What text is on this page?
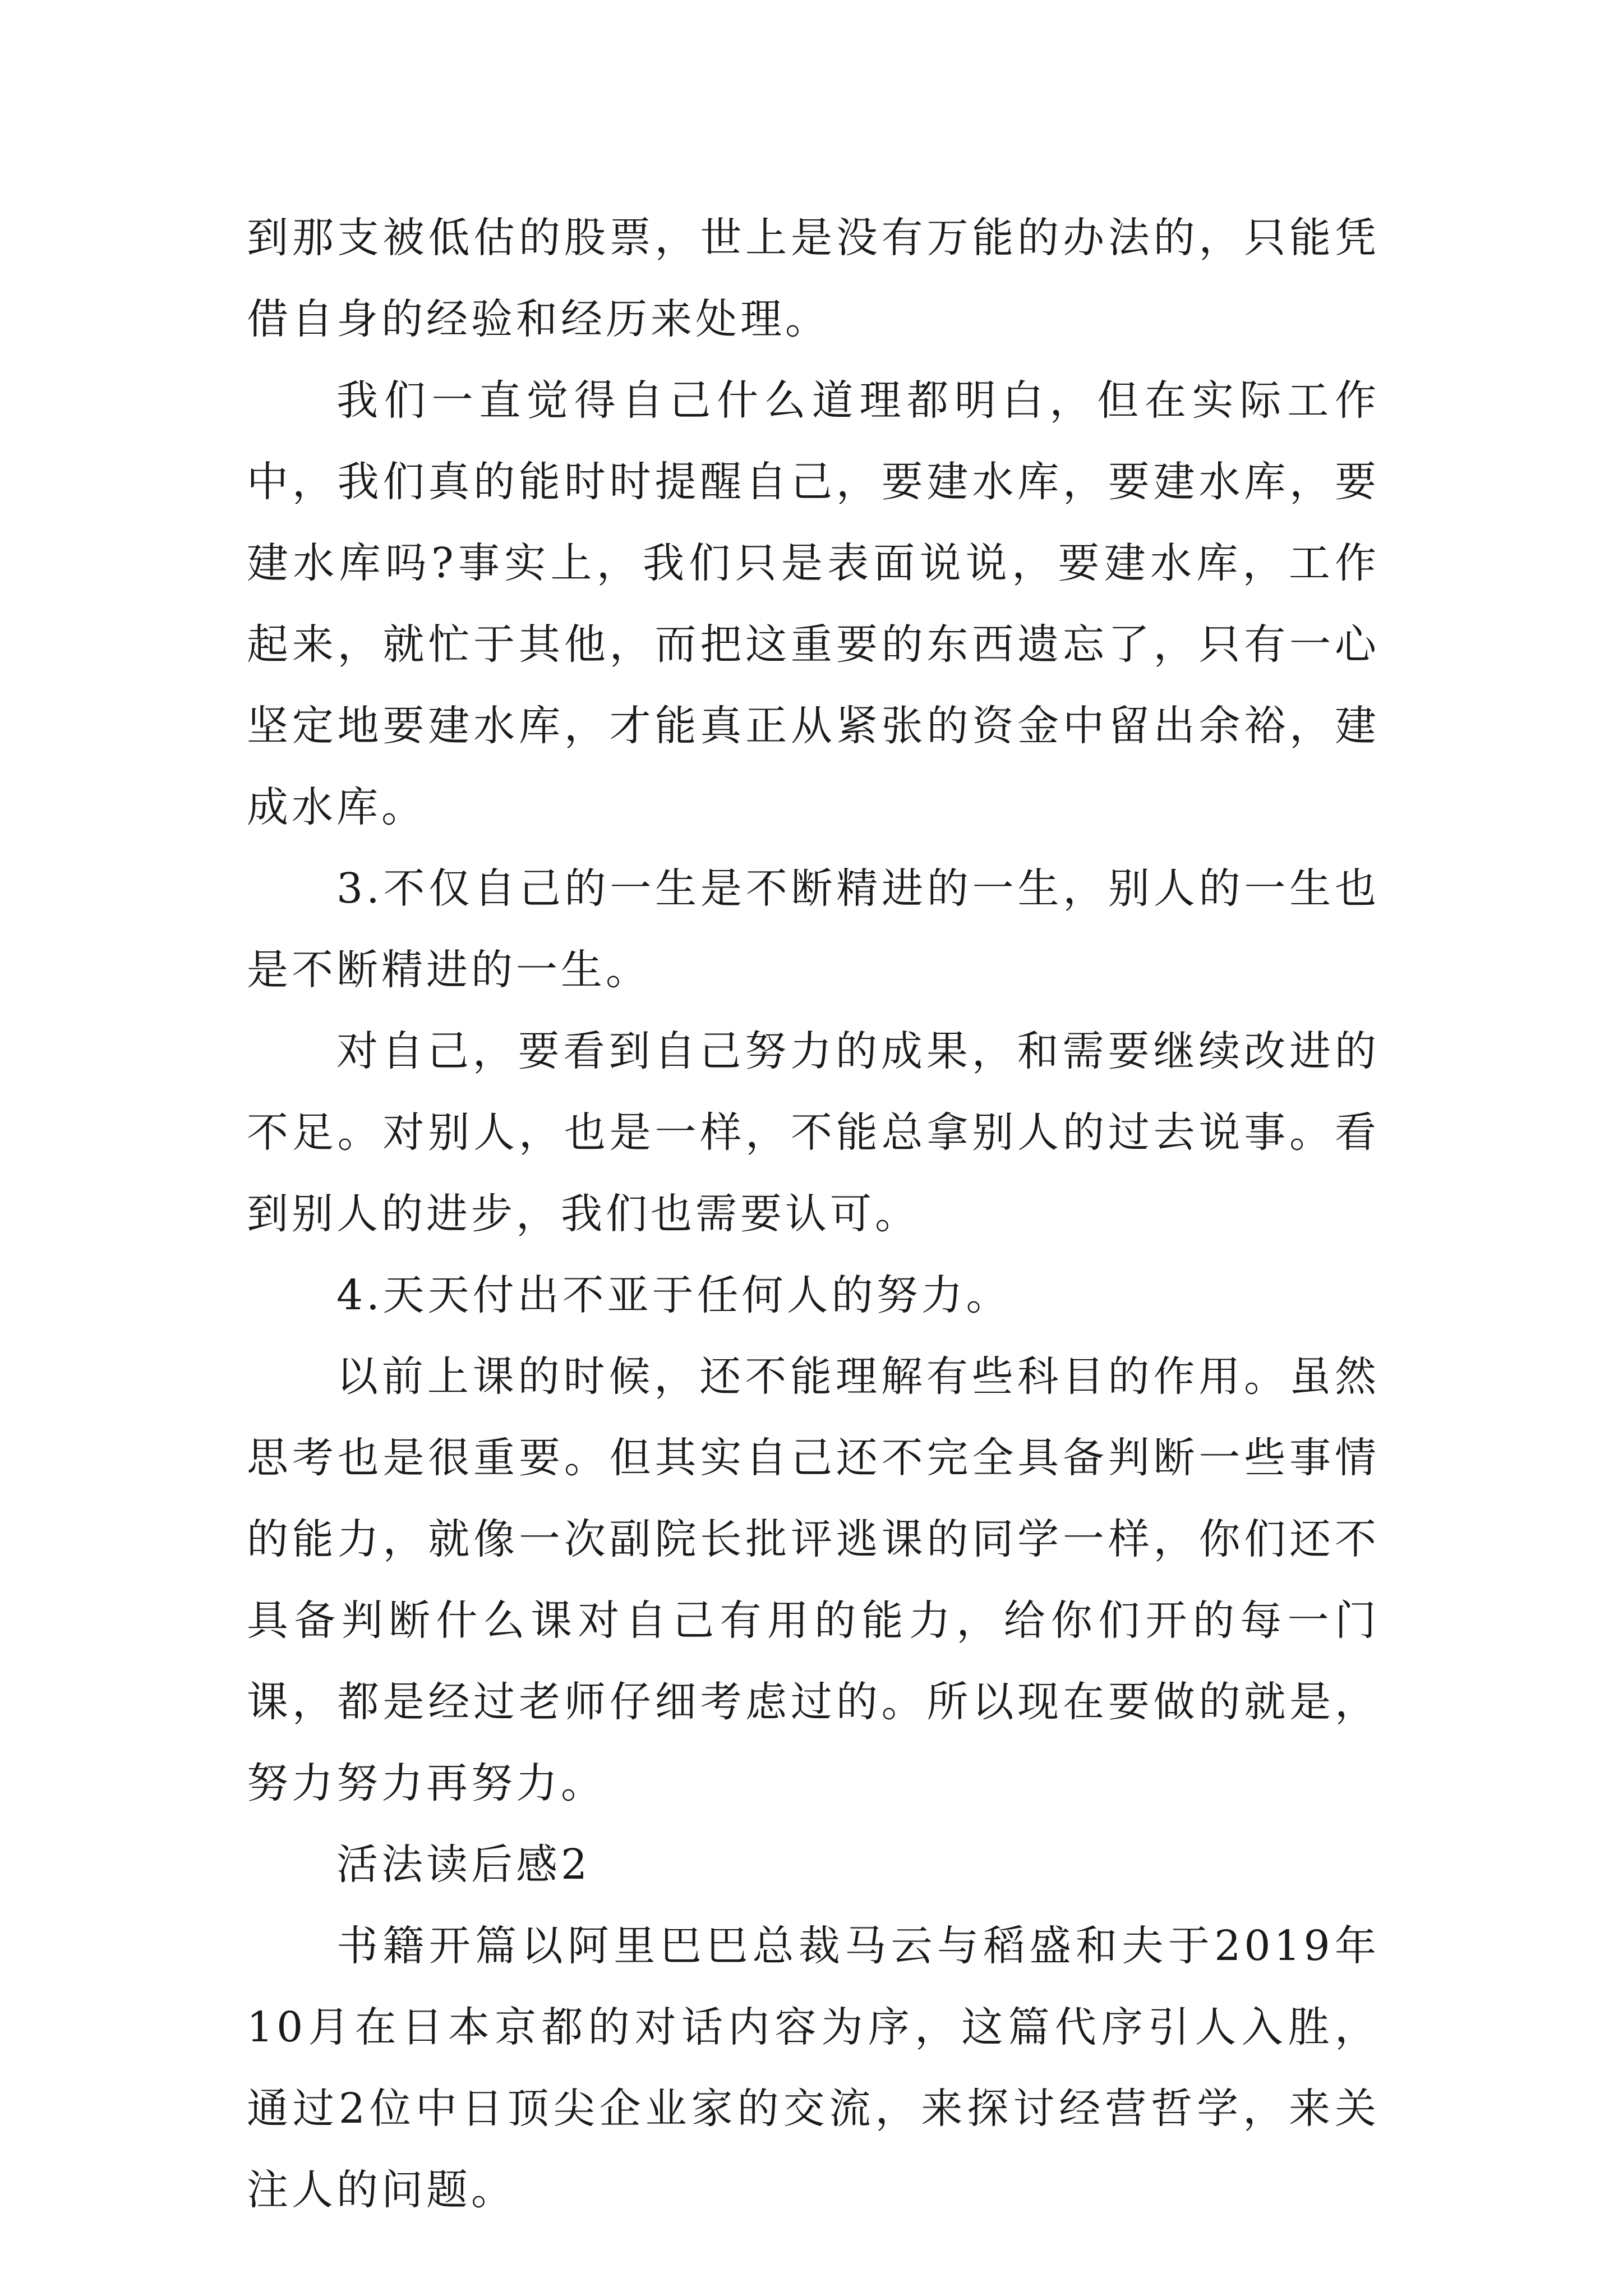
到那支被低估的股票，世上是没有万能的办法的，只能凭借自身的经验和经历来处理。

我们一直觉得自己什么道理都明白，但在实际工作中，我们真的能时时提醒自己，要建水库，要建水库，要建水库吗?事实上，我们只是表面说说，要建水库，工作起来，就忙于其他，而把这重要的东西遗忘了，只有一心坚定地要建水库，才能真正从紧张的资金中留出余裕，建成水库。

3.不仅自己的一生是不断精进的一生，别人的一生也是不断精进的一生。

对自己，要看到自己努力的成果，和需要继续改进的不足。对别人，也是一样，不能总拿别人的过去说事。看到别人的进步，我们也需要认可。

4.天天付出不亚于任何人的努力。

以前上课的时候，还不能理解有些科目的作用。虽然思考也是很重要。但其实自己还不完全具备判断一些事情的能力，就像一次副院长批评逃课的同学一样，你们还不具备判断什么课对自己有用的能力，给你们开的每一门课，都是经过老师仔细考虑过的。所以现在要做的就是，努力努力再努力。

活法读后感2

书籍开篇以阿里巴巴总裁马云与稻盛和夫于2019年10月在日本京都的对话内容为序，这篇代序引人入胜，通过2位中日顶尖企业家的交流，来探讨经营哲学，来关注人的问题。
